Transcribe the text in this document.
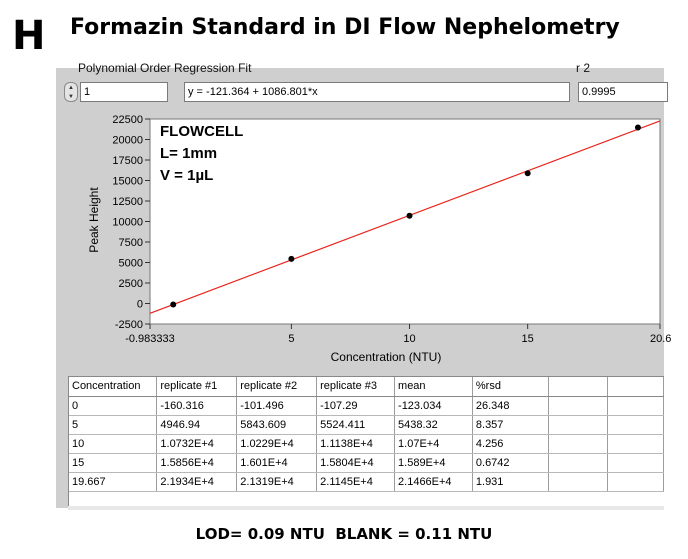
H Formazin Standard in DI Flow Nephelometry
Polynomial Order Regression Fit	r 2
▲
▼ 1	y = -121.364 + 1086.801*x	0.9995
-2500
0
2500
5000
7500
10000
12500
15000
17500
20000
22500
-0.983333	5	10	15	20.6
FLOWCELL
L= 1mm
V = 1µL
Peak Height
Concentration (NTU)
Concentration	replicate #1	replicate #2	replicate #3	mean	%rsd		
0	-160.316	-101.496	-107.29	-123.034	26.348		
5	4946.94	5843.609	5524.411	5438.32	8.357		
10	1.0732E+4	1.0229E+4	1.1138E+4	1.07E+4	4.256		
15	1.5856E+4	1.601E+4	1.5804E+4	1.589E+4	0.6742		
19.667	2.1934E+4	2.1319E+4	2.1145E+4	2.1466E+4	1.931		
LOD= 0.09 NTU  BLANK = 0.11 NTU
